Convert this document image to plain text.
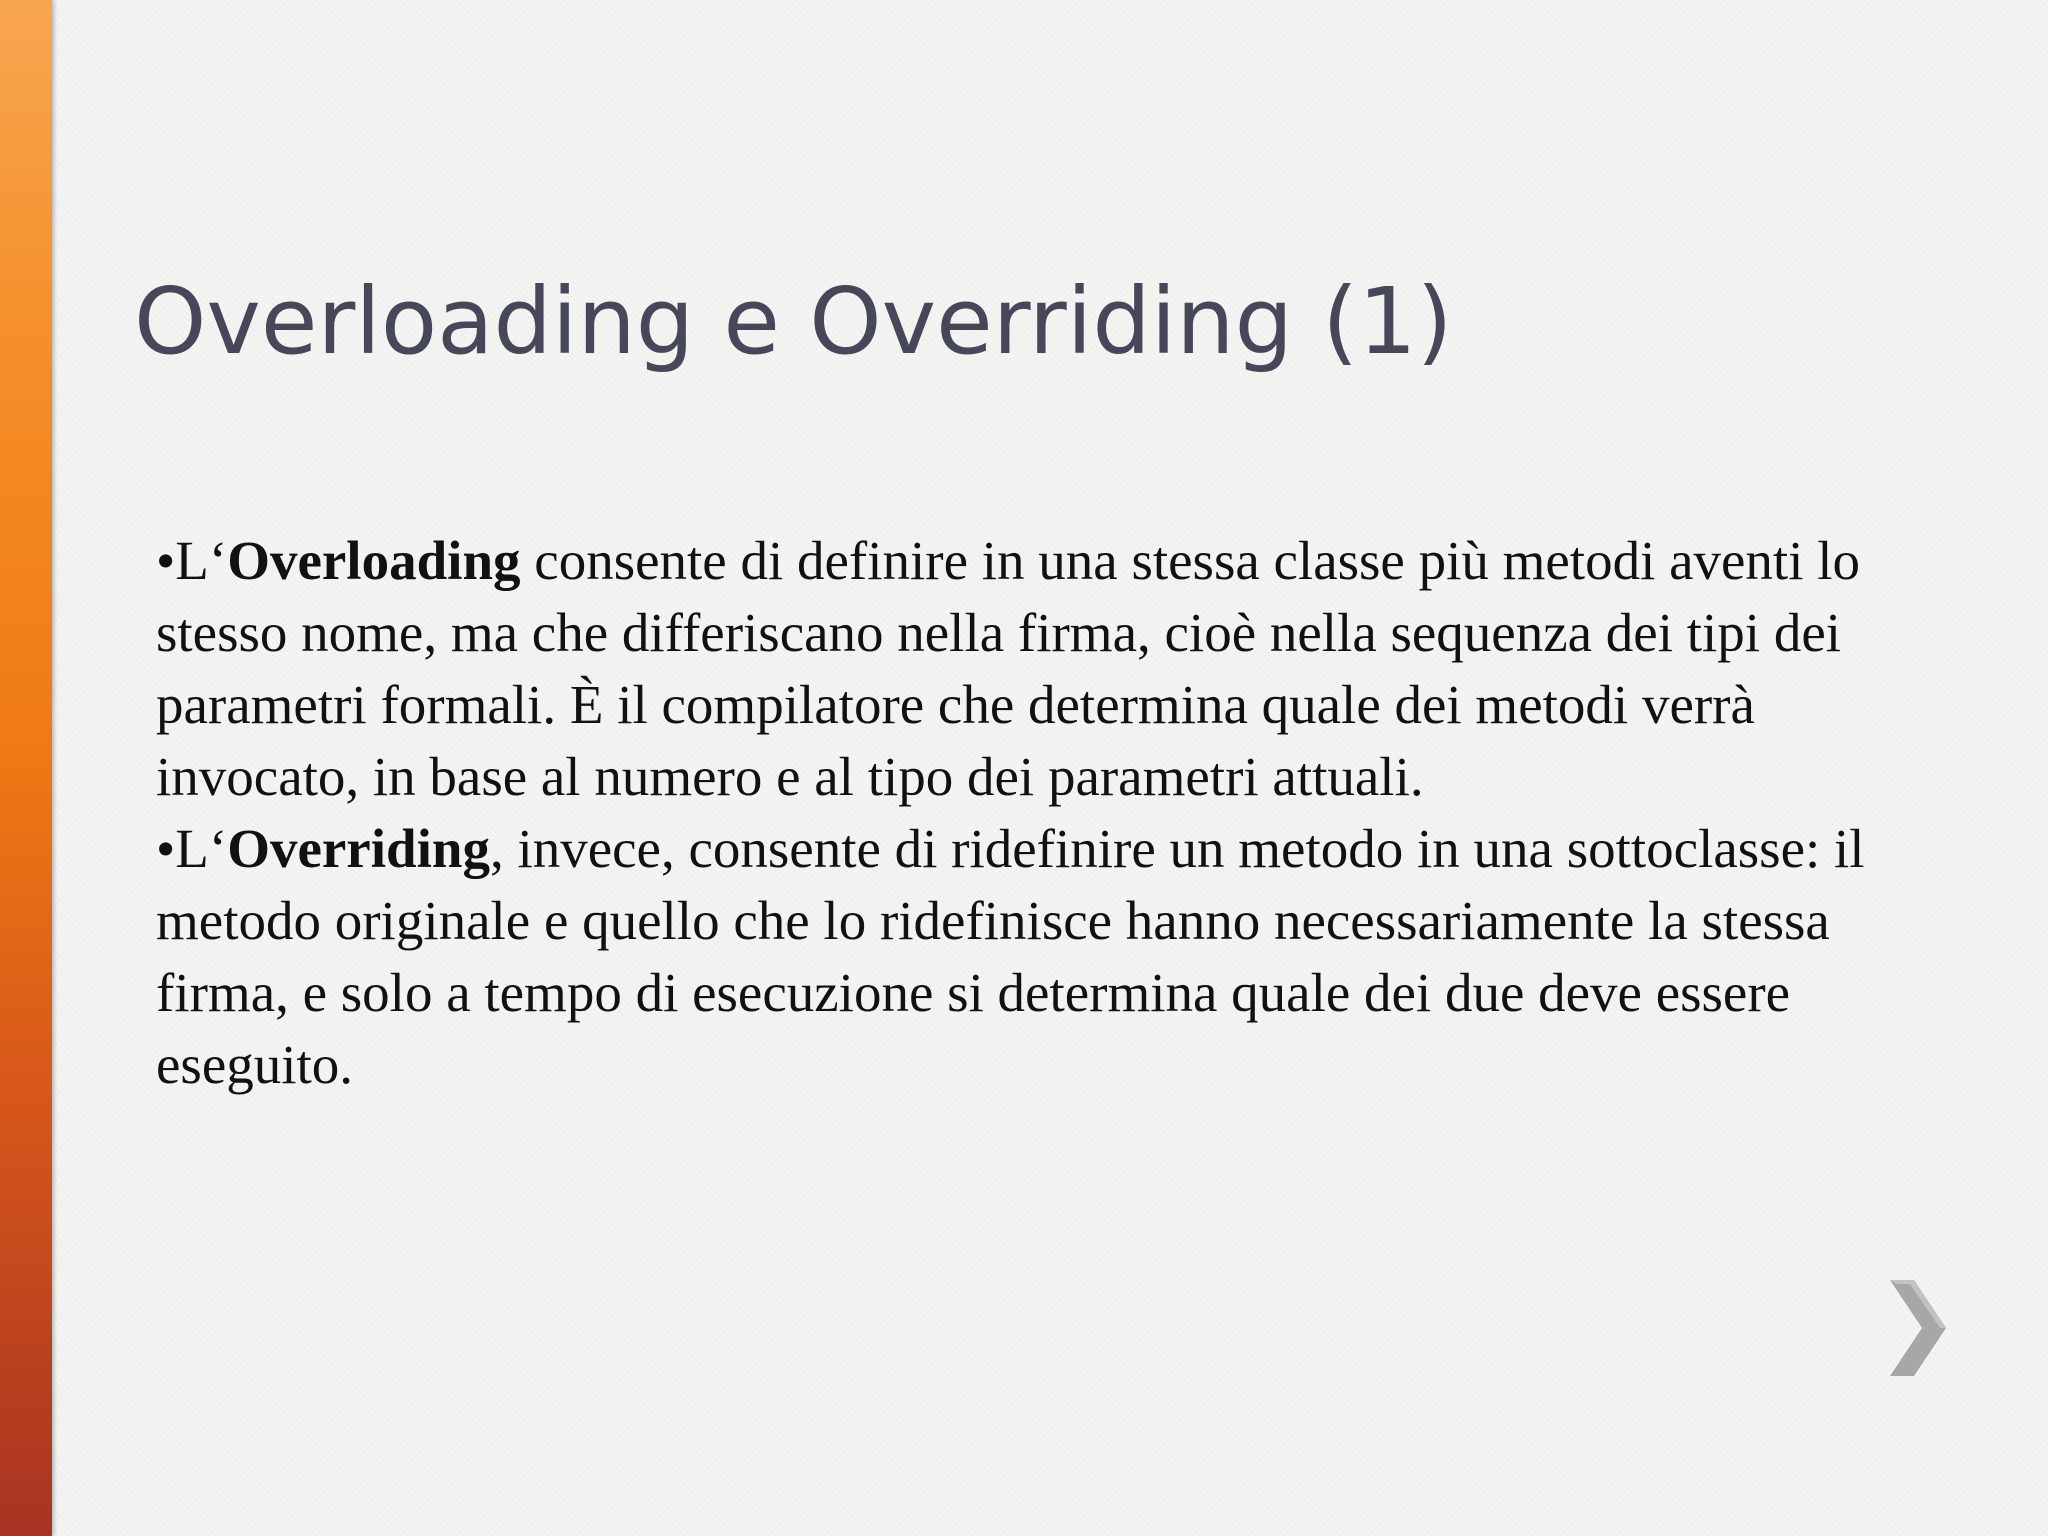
Overloading e Overriding (1)

•L‘Overloading consente di definire in una stessa classe più metodi aventi lo stesso nome, ma che differiscano nella firma, cioè nella sequenza dei tipi dei parametri formali. È il compilatore che determina quale dei metodi verrà invocato, in base al numero e al tipo dei parametri attuali.

•L‘Overriding, invece, consente di ridefinire un metodo in una sottoclasse: il metodo originale e quello che lo ridefinisce hanno necessariamente la stessa firma, e solo a tempo di esecuzione si determina quale dei due deve essere eseguito.
